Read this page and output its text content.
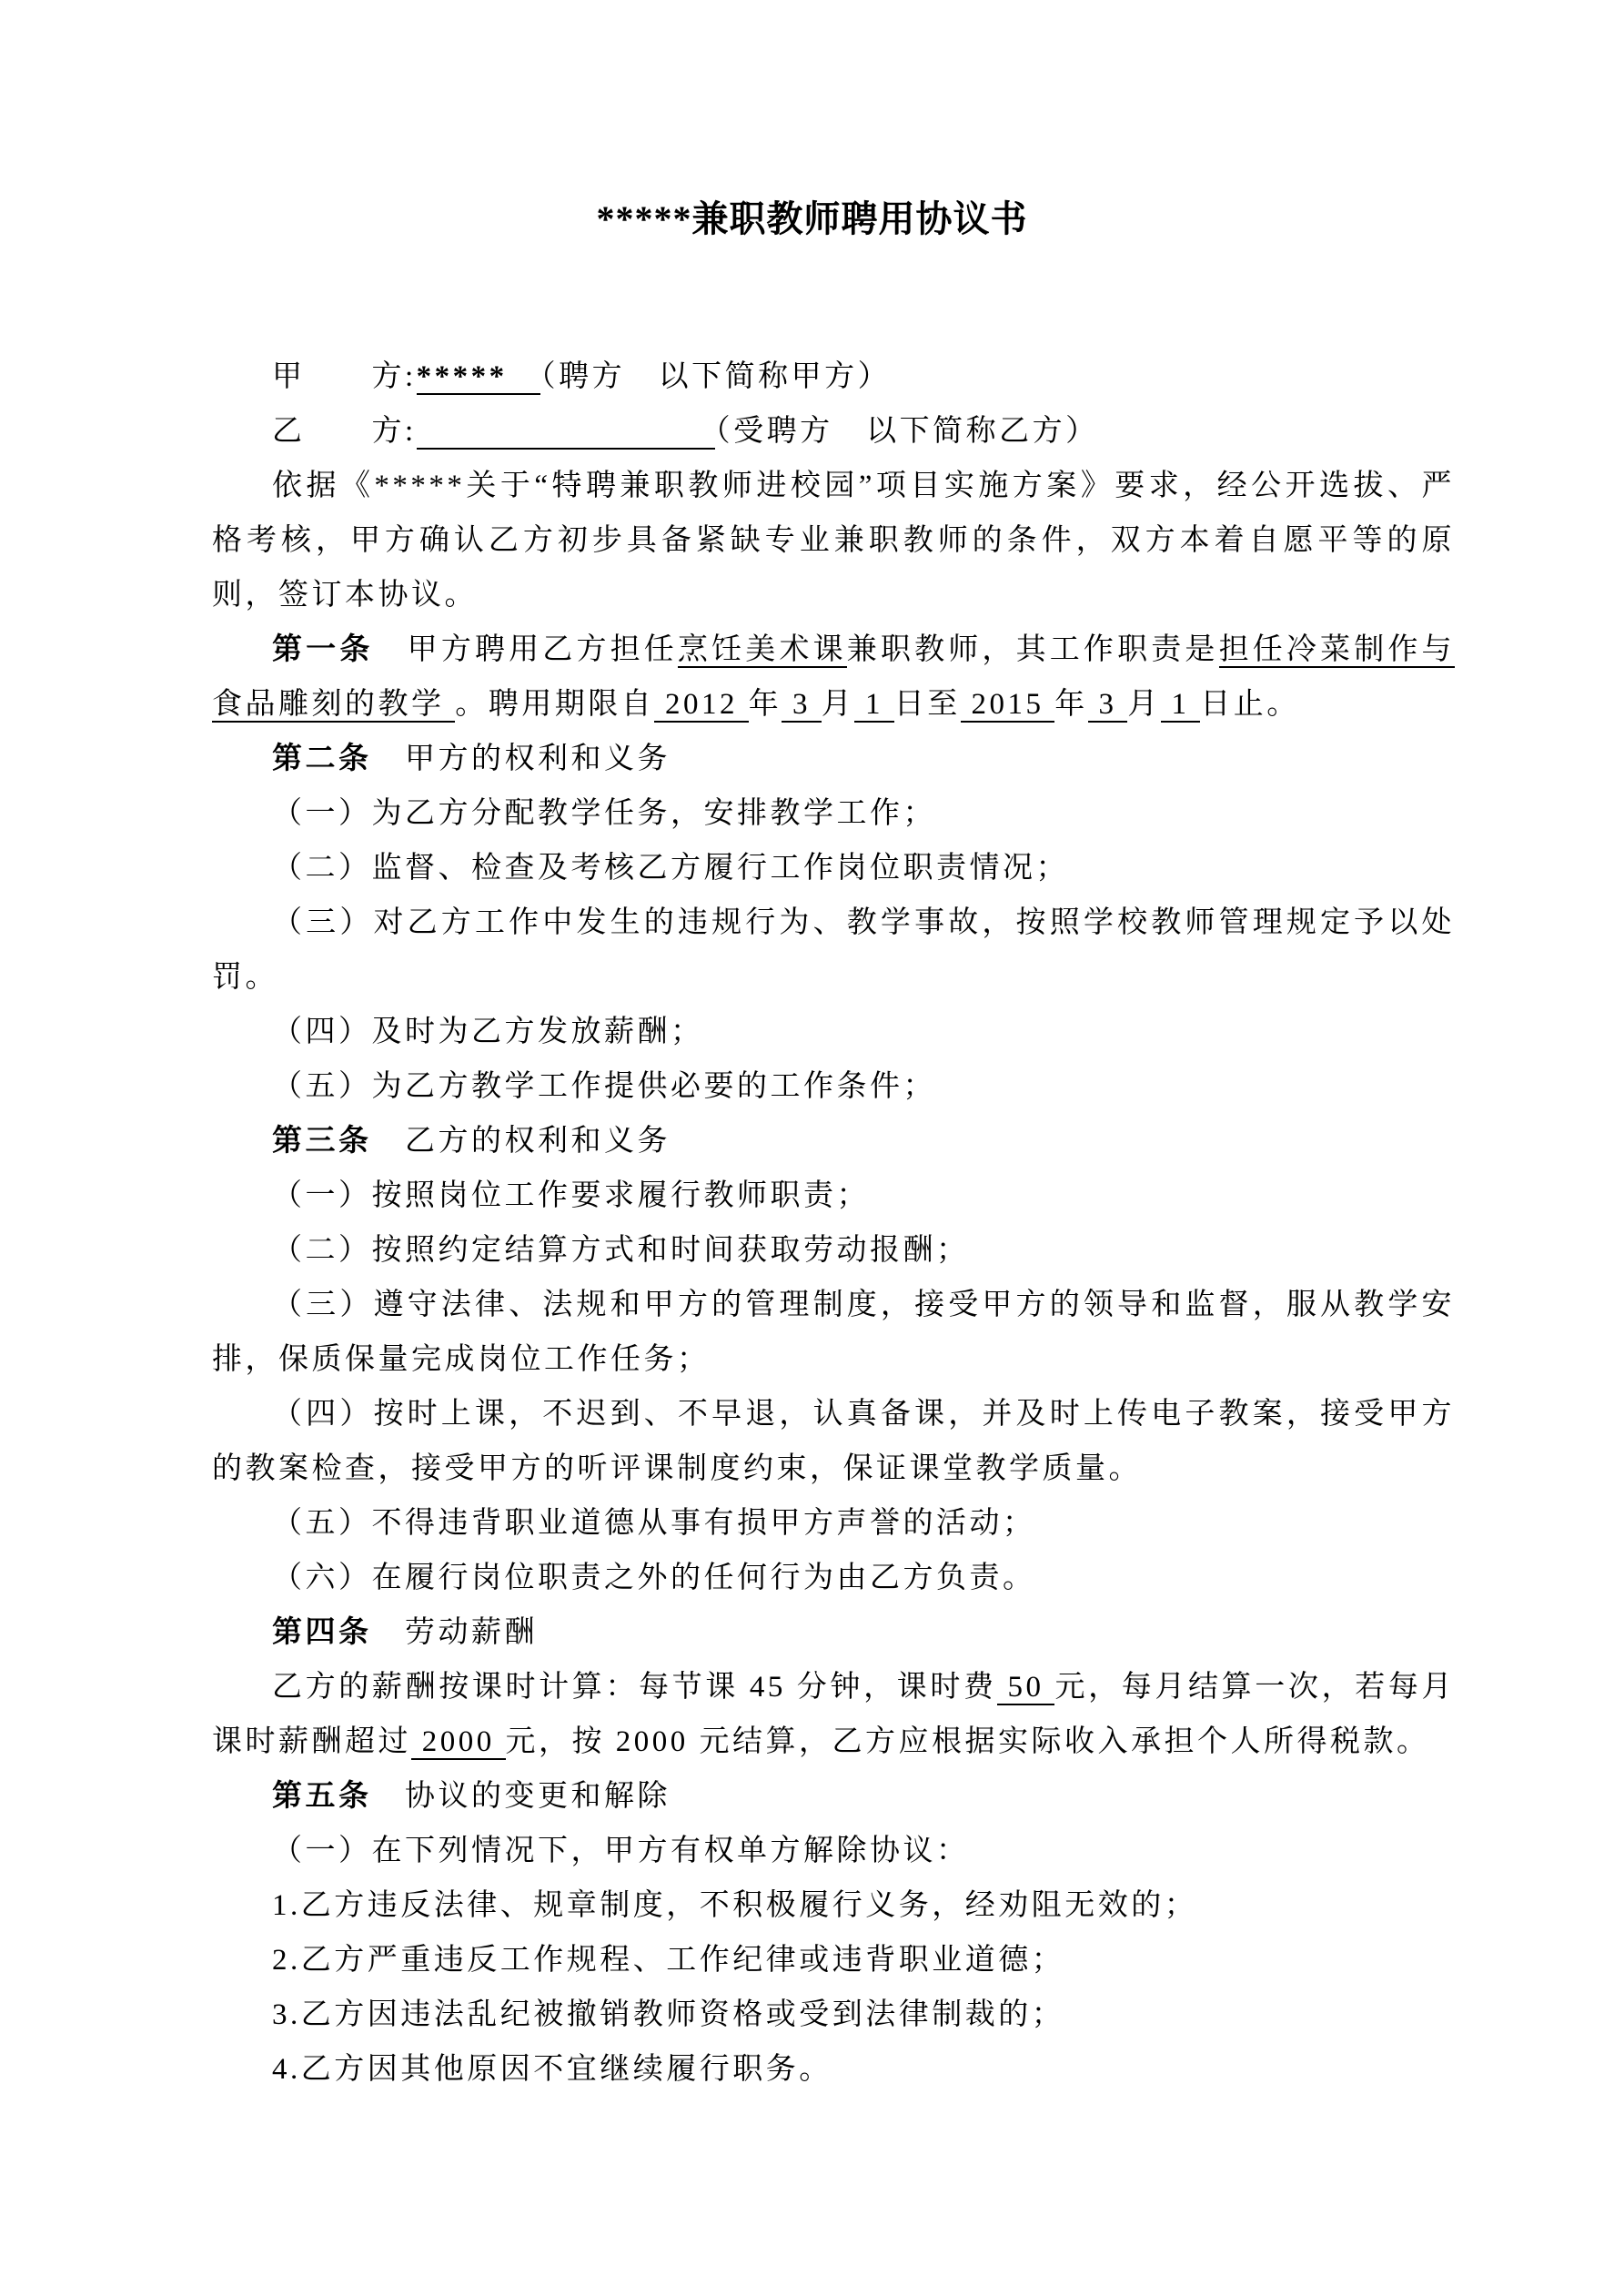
*****兼职教师聘用协议书
甲　　方:*****　 （聘方　以下简称甲方）
乙　　方:　　　　　　　　　	（受聘方　以下简称乙方）
依据《*****关于“特聘兼职教师进校园”项目实施方案》要求，经公开选拔、严格考核，甲方确认乙方初步具备紧缺专业兼职教师的条件，双方本着自愿平等的原则，签订本协议。
第一条　甲方聘用乙方担任烹饪美术课兼职教师，其工作职责是担任冷菜制作与食品雕刻的教学 。聘用期限自 2012 年 3 月 1 日至 2015 年 3 月 1 日止。
第二条　甲方的权利和义务
（一）为乙方分配教学任务，安排教学工作；
（二）监督、检查及考核乙方履行工作岗位职责情况；
（三）对乙方工作中发生的违规行为、教学事故，按照学校教师管理规定予以处罚。
（四）及时为乙方发放薪酬；
（五）为乙方教学工作提供必要的工作条件；
第三条　乙方的权利和义务
（一）按照岗位工作要求履行教师职责；
（二）按照约定结算方式和时间获取劳动报酬；
（三）遵守法律、法规和甲方的管理制度，接受甲方的领导和监督，服从教学安排，保质保量完成岗位工作任务；
（四）按时上课，不迟到、不早退，认真备课，并及时上传电子教案，接受甲方的教案检查，接受甲方的听评课制度约束，保证课堂教学质量。
（五）不得违背职业道德从事有损甲方声誉的活动；
（六）在履行岗位职责之外的任何行为由乙方负责。
第四条　劳动薪酬
乙方的薪酬按课时计算：每节课 45 分钟，课时费 50 元，每月结算一次，若每月课时薪酬超过 2000 元，按 2000 元结算，乙方应根据实际收入承担个人所得税款。
第五条　协议的变更和解除
（一）在下列情况下，甲方有权单方解除协议：
1.乙方违反法律、规章制度，不积极履行义务，经劝阻无效的；
2.乙方严重违反工作规程、工作纪律或违背职业道德；
3.乙方因违法乱纪被撤销教师资格或受到法律制裁的；
4.乙方因其他原因不宜继续履行职务。
